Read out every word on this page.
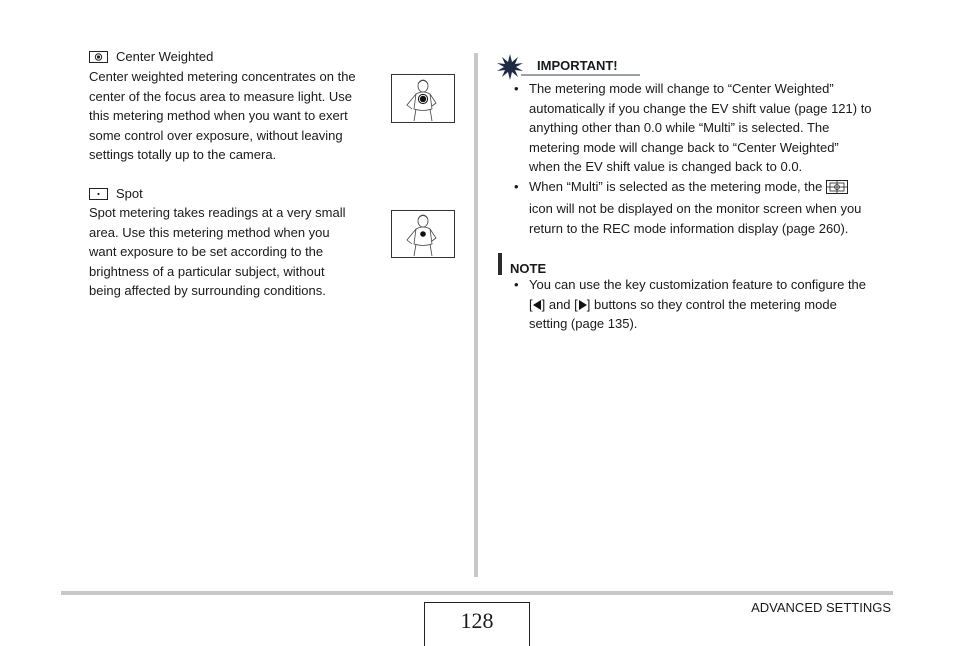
Center Weighted
Center weighted metering concentrates on the
center of the focus area to measure light. Use
this metering method when you want to exert
some control over exposure, without leaving
settings totally up to the camera.
Spot
Spot metering takes readings at a very small
area. Use this metering method when you
want exposure to be set according to the
brightness of a particular subject, without
being affected by surrounding conditions.
IMPORTANT!
• The metering mode will change to “Center Weighted”
automatically if you change the EV shift value (page 121) to
anything other than 0.0 while “Multi” is selected. The
metering mode will change back to “Center Weighted”
when the EV shift value is changed back to 0.0.
• When “Multi” is selected as the metering mode, the
icon will not be displayed on the monitor screen when you
return to the REC mode information display (page 260).
NOTE
• You can use the key customization feature to configure the
[ ] and [ ] buttons so they control the metering mode
setting (page 135).
128
ADVANCED SETTINGS
